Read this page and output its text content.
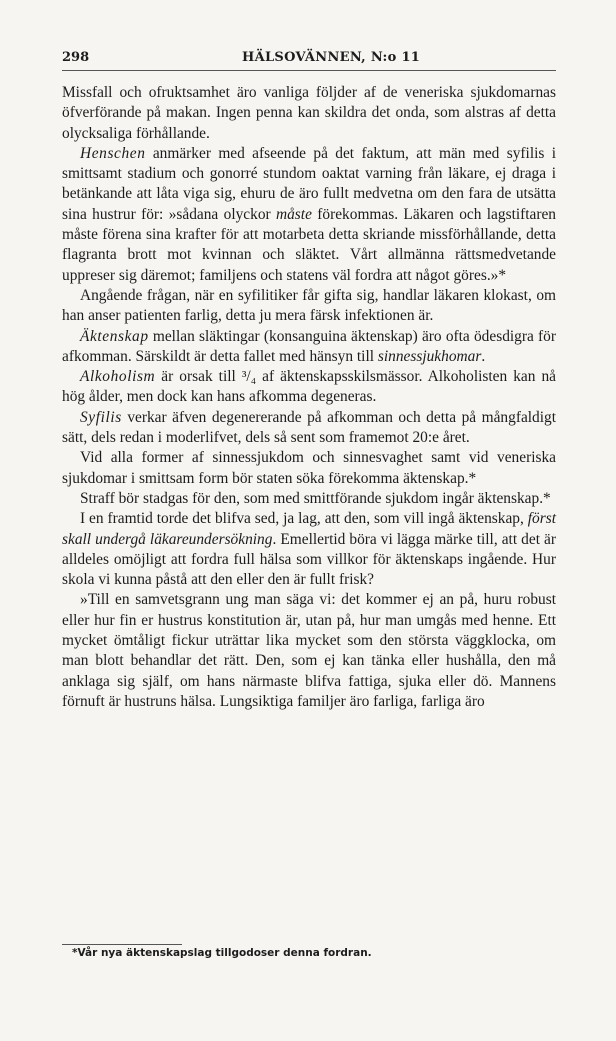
298	HÄLSOVÄNNEN, N:o 11

Missfall och ofruktsamhet äro vanliga följder af de veneriska sjukdomarnas öfverförande på makan. Ingen penna kan skildra det onda, som alstras af detta olycksaliga förhållande.

Henschen anmärker med afseende på det faktum, att män med syfilis i smittsamt stadium och gonorré stundom oaktat varning från läkare, ej draga i betänkande att låta viga sig, ehuru de äro fullt medvetna om den fara de utsätta sina hustrur för: »sådana olyckor måste förekommas. Läkaren och lagstiftaren måste förena sina krafter för att motarbeta detta skriande missförhållande, detta flagranta brott mot kvinnan och släktet. Vårt allmänna rättsmedvetande uppreser sig däremot; familjens och statens väl fordra att något göres.»*

Angående frågan, när en syfilitiker får gifta sig, handlar läkaren klokast, om han anser patienten farlig, detta ju mera färsk infektionen är.

Äktenskap mellan släktingar (konsanguina äktenskap) äro ofta ödesdigra för afkomman. Särskildt är detta fallet med hänsyn till sinnessjukhomar.

Alkoholism är orsak till ³/₄ af äktenskapsskilsmässor. Alkoholisten kan nå hög ålder, men dock kan hans afkomma degeneras.

Syfilis verkar äfven degenererande på afkomman och detta på mångfaldigt sätt, dels redan i moderlifvet, dels så sent som framemot 20:e året.

Vid alla former af sinnessjukdom och sinnesvaghet samt vid veneriska sjukdomar i smittsam form bör staten söka förekomma äktenskap.*

Straff bör stadgas för den, som med smittförande sjukdom ingår äktenskap.*

I en framtid torde det blifva sed, ja lag, att den, som vill ingå äktenskap, först skall undergå läkareundersökning. Emellertid böra vi lägga märke till, att det är alldeles omöjligt att fordra full hälsa som villkor för äktenskaps ingående. Hur skola vi kunna påstå att den eller den är fullt frisk?

»Till en samvetsgrann ung man säga vi: det kommer ej an på, huru robust eller hur fin er hustrus konstitution är, utan på, hur man umgås med henne. Ett mycket ömtåligt fickur uträttar lika mycket som den största väggklocka, om man blott behandlar det rätt. Den, som ej kan tänka eller hushålla, den må anklaga sig själf, om hans närmaste blifva fattiga, sjuka eller dö. Mannens förnuft är hustruns hälsa. Lungsiktiga familjer äro farliga, farliga äro

*Vår nya äktenskapslag tillgodoser denna fordran.
